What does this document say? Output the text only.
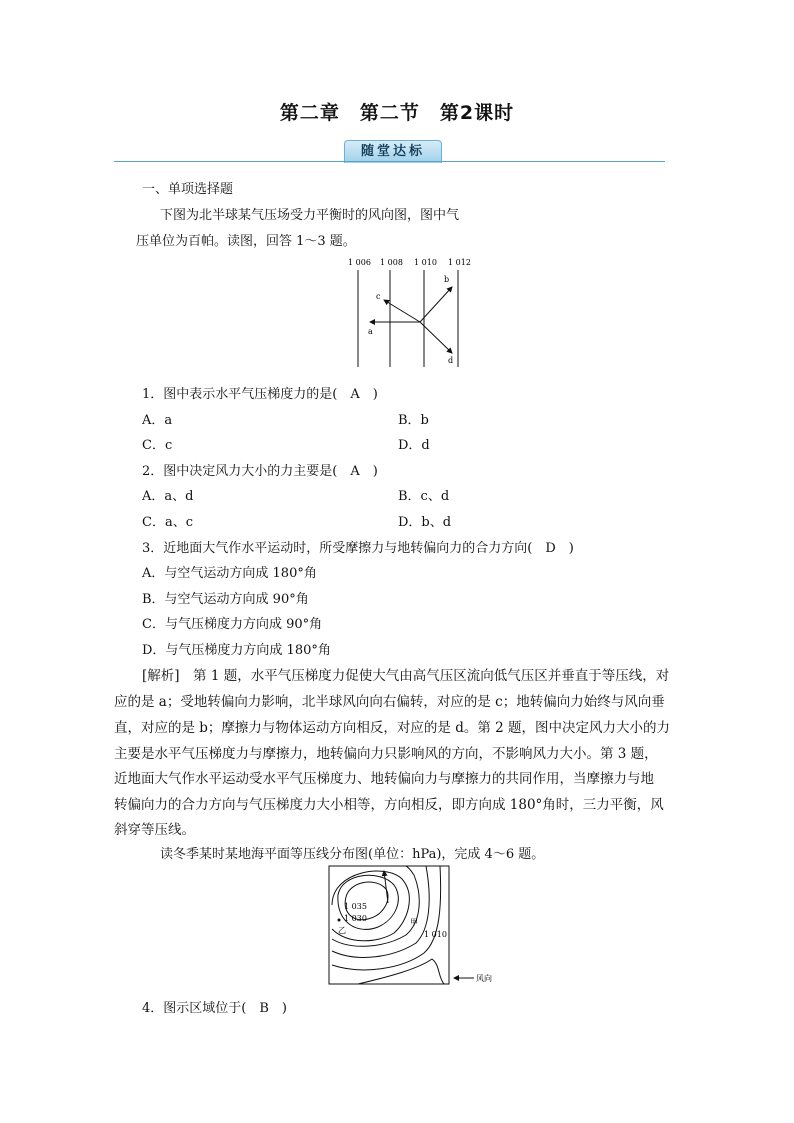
第二章　第二节　第2课时
随堂达标
一、单项选择题
下图为北半球某气压场受力平衡时的风向图，图中气
压单位为百帕。读图，回答 1～3 题。
1 006 1 008 1 010 1 012
a
b
c
d
1．图中表示水平气压梯度力的是(　A　)
A．a	B．b
C．c	D．d
2．图中决定风力大小的力主要是(　A　)
A．a、d	B．c、d
C．a、c	D．b、d
3．近地面大气作水平运动时，所受摩擦力与地转偏向力的合力方向(　D　)
A．与空气运动方向成 180°角
B．与空气运动方向成 90°角
C．与气压梯度力方向成 90°角
D．与气压梯度力方向成 180°角
[解析]　第 1 题，水平气压梯度力促使大气由高气压区流向低气压区并垂直于等压线，对
应的是 a；受地转偏向力影响，北半球风向向右偏转，对应的是 c；地转偏向力始终与风向垂
直，对应的是 b；摩擦力与物体运动方向相反，对应的是 d。第 2 题，图中决定风力大小的力
主要是水平气压梯度力与摩擦力，地转偏向力只影响风的方向，不影响风力大小。第 3 题，
近地面大气作水平运动受水平气压梯度力、地转偏向力与摩擦力的共同作用，当摩擦力与地
转偏向力的合力方向与气压梯度力大小相等，方向相反，即方向成 180°角时，三力平衡，风
斜穿等压线。
读冬季某时某地海平面等压线分布图(单位：hPa)，完成 4～6 题。
1 035
1 030
乙
甲
1 010
风向
4．图示区域位于(　B　)
